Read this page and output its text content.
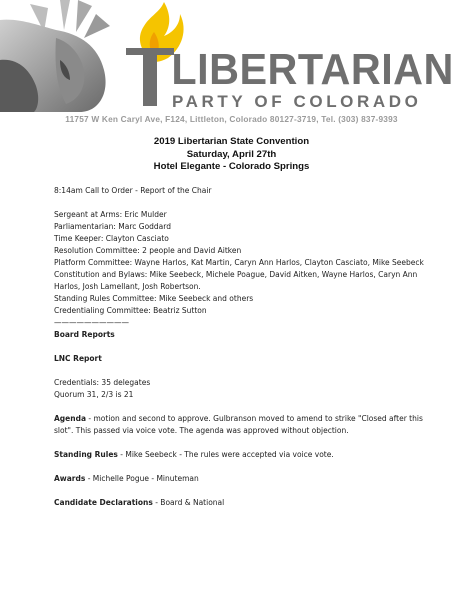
LIBERTARIAN
PARTY OF COLORADO
11757 W Ken Caryl Ave, F124, Littleton, Colorado 80127-3719, Tel. (303) 837-9393
2019 Libertarian State Convention
Saturday, April 27th
Hotel Elegante - Colorado Springs

8:14am Call to Order - Report of the Chair

Sergeant at Arms: Eric Mulder

Parliamentarian: Marc Goddard

Time Keeper: Clayton Casciato

Resolution Committee: 2 people and David Aitken

Platform Committee: Wayne Harlos, Kat Martin, Caryn Ann Harlos, Clayton Casciato, Mike Seebeck

Constitution and Bylaws: Mike Seebeck, Michele Poague, David Aitken, Wayne Harlos, Caryn Ann Harlos, Josh Lamellant, Josh Robertson.

Standing Rules Committee: Mike Seebeck and others

Credentialing Committee: Beatriz Sutton

——————————

Board Reports

LNC Report

Credentials: 35 delegates

Quorum 31, 2/3 is 21

Agenda - motion and second to approve. Gulbranson moved to amend to strike "Closed after this slot". This passed via voice vote. The agenda was approved without objection.

Standing Rules - Mike Seebeck - The rules were accepted via voice vote.

Awards - Michelle Pogue - Minuteman

Candidate Declarations - Board & National
